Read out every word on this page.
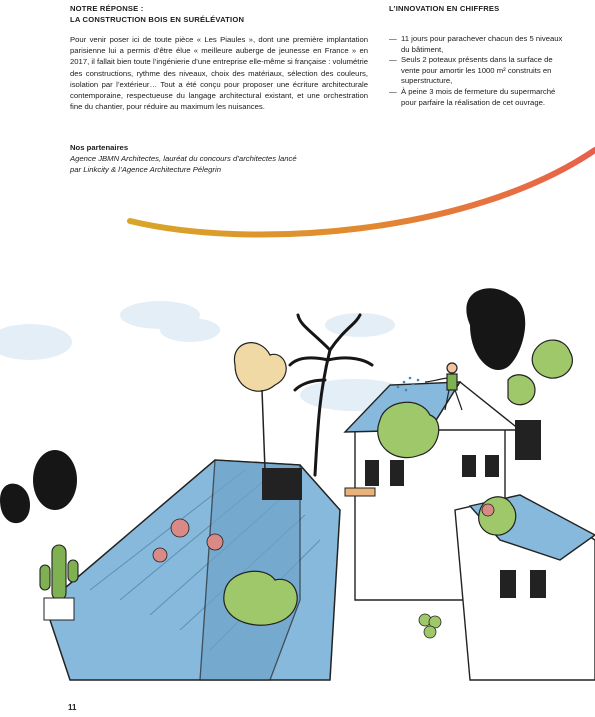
NOTRE RÉPONSE :
LA CONSTRUCTION BOIS EN SURÉLÉVATION
Pour venir poser ici de toute pièce « Les Piaules », dont une première implantation parisienne lui a permis d’être élue « meilleure auberge de jeunesse en France » en 2017, il fallait bien toute l’ingénierie d’une entreprise elle-même si française : volumétrie des constructions, rythme des niveaux, choix des matériaux, sélection des couleurs, isolation par l’extérieur… Tout a été conçu pour proposer une écriture architecturale contemporaine, respectueuse du langage architectural existant, et une orchestration fine du chantier, pour réduire au maximum les nuisances.
Nos partenaires
Agence JBMN Architectes, lauréat du concours d’architectes lancé
par Linkcity & l’Agence Architecture Pélegrin
L’INNOVATION EN CHIFFRES
— 11 jours pour parachever chacun des 5 niveaux du bâtiment,
— Seuls 2 poteaux présents dans la surface de vente pour amortir les 1000 m² construits en superstructure,
— À peine 3 mois de fermeture du supermarché pour parfaire la réalisation de cet ouvrage.
11
